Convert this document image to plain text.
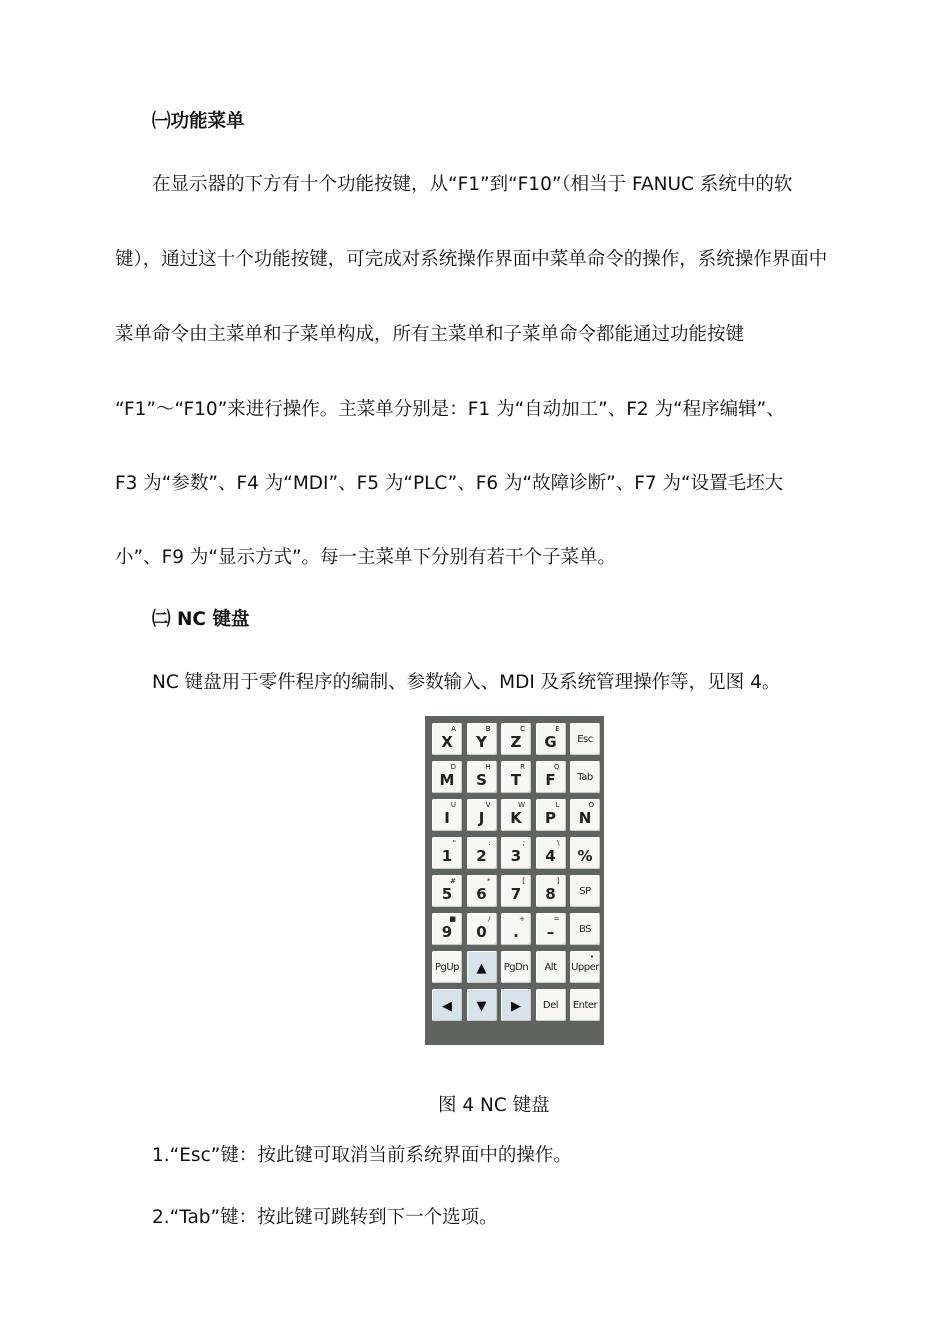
㈠功能菜单
在显示器的下方有十个功能按键，从“F1”到“F10”（相当于 FANUC 系统中的软
键），通过这十个功能按键，可完成对系统操作界面中菜单命令的操作，系统操作界面中
菜单命令由主菜单和子菜单构成，所有主菜单和子菜单命令都能通过功能按键
“F1”～“F10”来进行操作。主菜单分别是：F1 为“自动加工”、F2 为“程序编辑”、
F3 为“参数”、F4 为“MDI”、F5 为“PLC”、F6 为“故障诊断”、F7 为“设置毛坯大
小”、F9 为“显示方式”。每一主菜单下分别有若干个子菜单。
㈡ NC 键盘
NC 键盘用于零件程序的编制、参数输入、MDI 及系统管理操作等，见图 4。
X
A
Y
B
Z
C
G
E
Esc
M
D
S
H
T
R
F
Q
Tab
I
U
J
V
K
W
P
L
N
O
1
"
2
:
3
;
4
\
%
5
#
6
*
7
[
8
]
SP
9
■
0
/
.
+
–
=
BS
PgUp ▲ PgDn Alt Upper
•
◀ ▼ ▶ Del Enter
图 4 NC 键盘
1.“Esc”键：按此键可取消当前系统界面中的操作。
2.“Tab”键：按此键可跳转到下一个选项。
